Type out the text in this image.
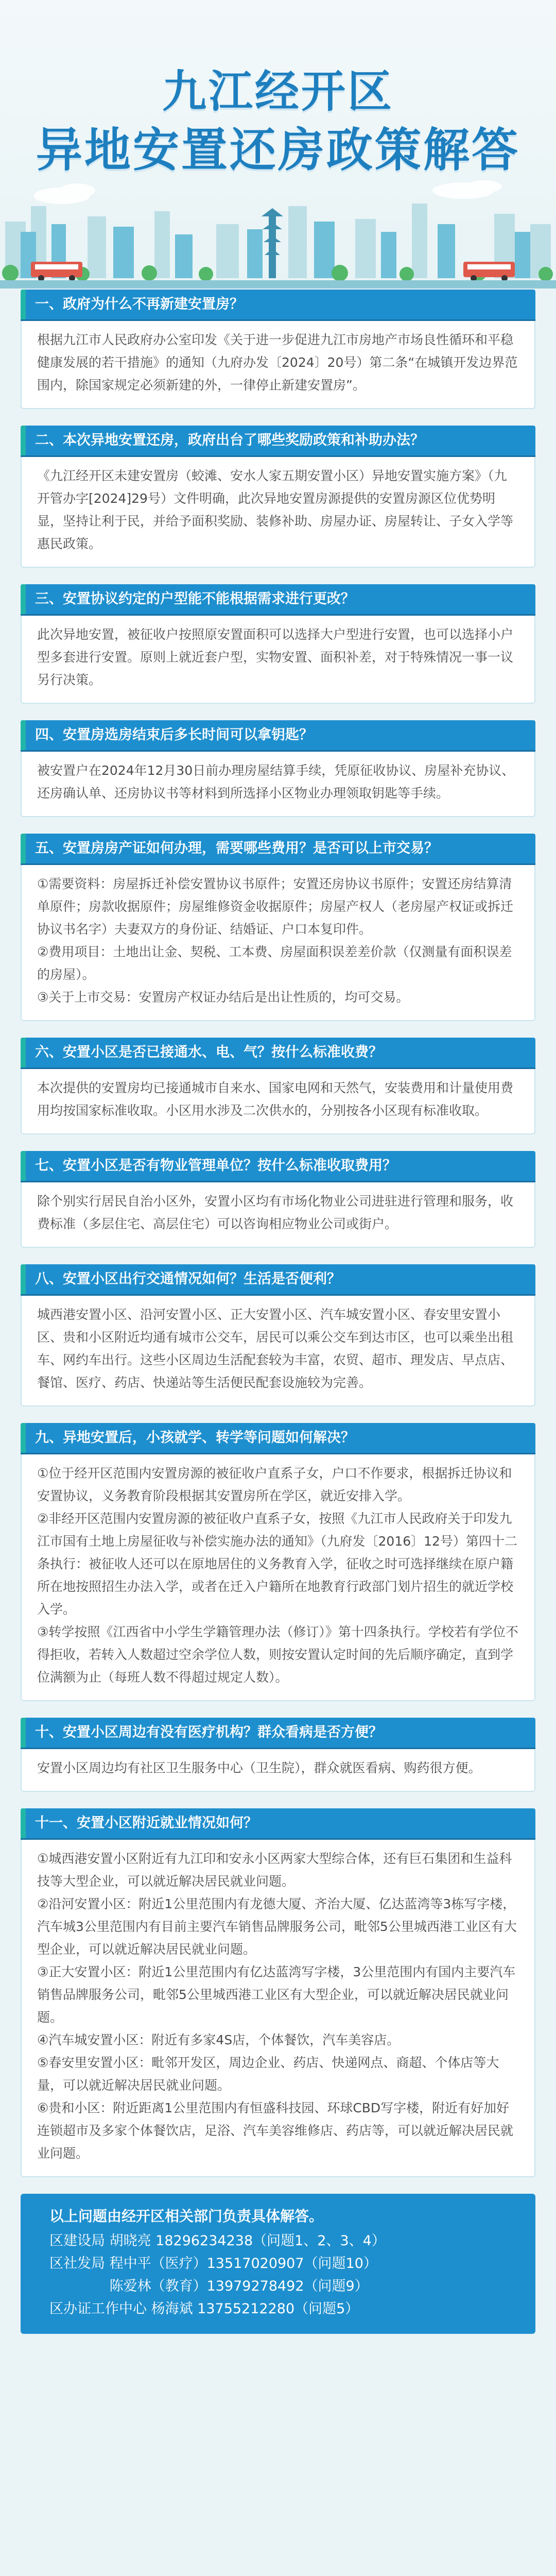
九江经开区
异地安置还房政策解答
一、政府为什么不再新建安置房？

根据九江市人民政府办公室印发《关于进一步促进九江市房地产市场良性循环和平稳健康发展的若干措施》的通知（九府办发〔2024〕20号）第二条“在城镇开发边界范围内，除国家规定必须新建的外，一律停止新建安置房”。

二、本次异地安置还房，政府出台了哪些奖励政策和补助办法？

《九江经开区未建安置房（蛟滩、安水人家五期安置小区）异地安置实施方案》（九开管办字[2024]29号）文件明确，此次异地安置房源提供的安置房源区位优势明显，坚持让利于民，并给予面积奖励、装修补助、房屋办证、房屋转让、子女入学等惠民政策。

三、安置协议约定的户型能不能根据需求进行更改？

此次异地安置，被征收户按照原安置面积可以选择大户型进行安置，也可以选择小户型多套进行安置。原则上就近套户型，实物安置、面积补差，对于特殊情况一事一议另行决策。

四、安置房选房结束后多长时间可以拿钥匙？

被安置户在2024年12月30日前办理房屋结算手续，凭原征收协议、房屋补充协议、还房确认单、还房协议书等材料到所选择小区物业办理领取钥匙等手续。

五、安置房房产证如何办理，需要哪些费用？是否可以上市交易？

①需要资料：房屋拆迁补偿安置协议书原件；安置还房协议书原件；安置还房结算清单原件；房款收据原件；房屋维修资金收据原件；房屋产权人（老房屋产权证或拆迁协议书名字）夫妻双方的身份证、结婚证、户口本复印件。

②费用项目：土地出让金、契税、工本费、房屋面积误差差价款（仅测量有面积误差的房屋）。

③关于上市交易：安置房产权证办结后是出让性质的，均可交易。

六、安置小区是否已接通水、电、气？按什么标准收费？

本次提供的安置房均已接通城市自来水、国家电网和天然气，安装费用和计量使用费用均按国家标准收取。小区用水涉及二次供水的，分别按各小区现有标准收取。

七、安置小区是否有物业管理单位？按什么标准收取费用？

除个别实行居民自治小区外，安置小区均有市场化物业公司进驻进行管理和服务，收费标准（多层住宅、高层住宅）可以咨询相应物业公司或街户。

八、安置小区出行交通情况如何？生活是否便利？

城西港安置小区、沿河安置小区、正大安置小区、汽车城安置小区、春安里安置小区、贵和小区附近均通有城市公交车，居民可以乘公交车到达市区，也可以乘坐出租车、网约车出行。这些小区周边生活配套较为丰富，农贸、超市、理发店、早点店、餐馆、医疗、药店、快递站等生活便民配套设施较为完善。

九、异地安置后，小孩就学、转学等问题如何解决？

①位于经开区范围内安置房源的被征收户直系子女，户口不作要求，根据拆迁协议和安置协议，义务教育阶段根据其安置房所在学区，就近安排入学。

②非经开区范围内安置房源的被征收户直系子女，按照《九江市人民政府关于印发九江市国有土地上房屋征收与补偿实施办法的通知》（九府发〔2016〕12号）第四十二条执行：被征收人还可以在原地居住的义务教育入学，征收之时可选择继续在原户籍所在地按照招生办法入学，或者在迁入户籍所在地教育行政部门划片招生的就近学校入学。

③转学按照《江西省中小学生学籍管理办法（修订）》第十四条执行。学校若有学位不得拒收，若转入人数超过空余学位人数，则按安置认定时间的先后顺序确定，直到学位满额为止（每班人数不得超过规定人数）。

十、安置小区周边有没有医疗机构？群众看病是否方便？

安置小区周边均有社区卫生服务中心（卫生院），群众就医看病、购药很方便。

十一、安置小区附近就业情况如何？

①城西港安置小区附近有九江印和安永小区两家大型综合体，还有巨石集团和生益科技等大型企业，可以就近解决居民就业问题。

②沿河安置小区：附近1公里范围内有龙德大厦、齐治大厦、亿达蓝湾等3栋写字楼，汽车城3公里范围内有目前主要汽车销售品牌服务公司，毗邻5公里城西港工业区有大型企业，可以就近解决居民就业问题。

③正大安置小区：附近1公里范围内有亿达蓝湾写字楼，3公里范围内有国内主要汽车销售品牌服务公司，毗邻5公里城西港工业区有大型企业，可以就近解决居民就业问题。

④汽车城安置小区：附近有多家4S店，个体餐饮，汽车美容店。

⑤春安里安置小区：毗邻开发区，周边企业、药店、快递网点、商超、个体店等大量，可以就近解决居民就业问题。

⑥贵和小区：附近距离1公里范围内有恒盛科技园、环球CBD写字楼，附近有好加好连锁超市及多家个体餐饮店，足浴、汽车美容维修店、药店等，可以就近解决居民就业问题。

以上问题由经开区相关部门负责具体解答。

区建设局 胡晓亮 18296234238（问题1、2、3、4）

区社发局 程中平（医疗）13517020907（问题10）

　　　　 陈爱林（教育）13979278492（问题9）

区办证工作中心 杨海斌 13755212280（问题5）
